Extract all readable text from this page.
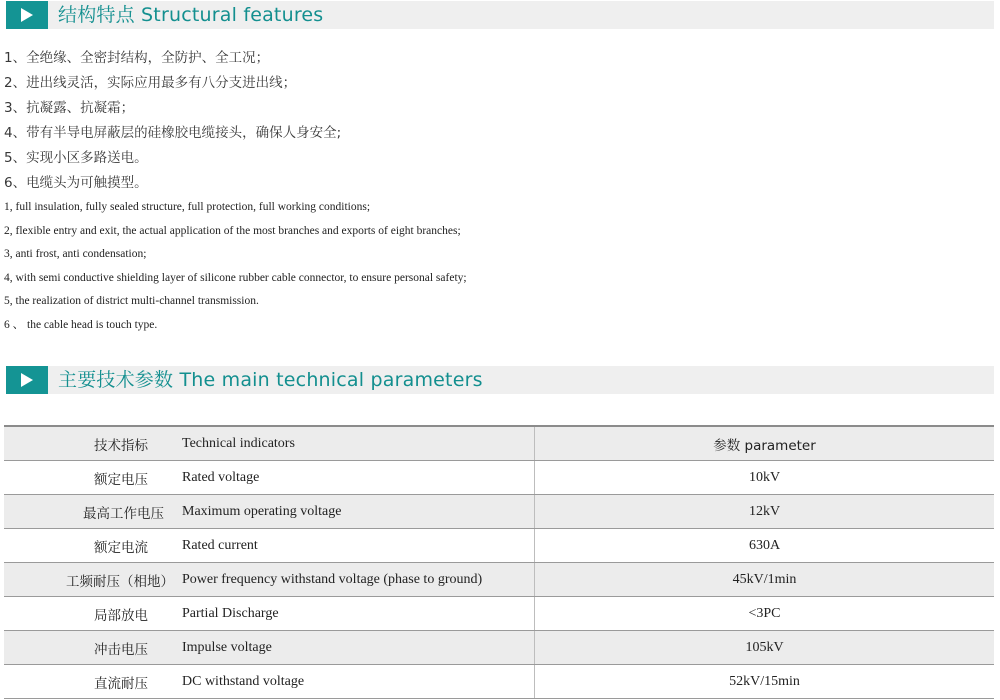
结构特点 Structural features
1、全绝缘、全密封结构，全防护、全工况；
2、进出线灵活，实际应用最多有八分支进出线；
3、抗凝露、抗凝霜；
4、带有半导电屏蔽层的硅橡胶电缆接头，确保人身安全;
5、实现小区多路送电。
6、电缆头为可触摸型。
1, full insulation, fully sealed structure, full protection, full working conditions;
2, flexible entry and exit, the actual application of the most branches and exports of eight branches;
3, anti frost, anti condensation;
4, with semi conductive shielding layer of silicone rubber cable connector, to ensure personal safety;
5, the realization of district multi-channel transmission.
6 、 the cable head is touch type.
主要技术参数 The main technical parameters
技术指标	Technical indicators	参数 parameter
额定电压	Rated voltage	10kV
最高工作电压	Maximum operating voltage	12kV
额定电流	Rated current	630A
工频耐压（相地）	Power frequency withstand voltage (phase to ground)	45kV/1min
局部放电	Partial Discharge	<3PC
冲击电压	Impulse voltage	105kV
直流耐压	DC withstand voltage	52kV/15min
